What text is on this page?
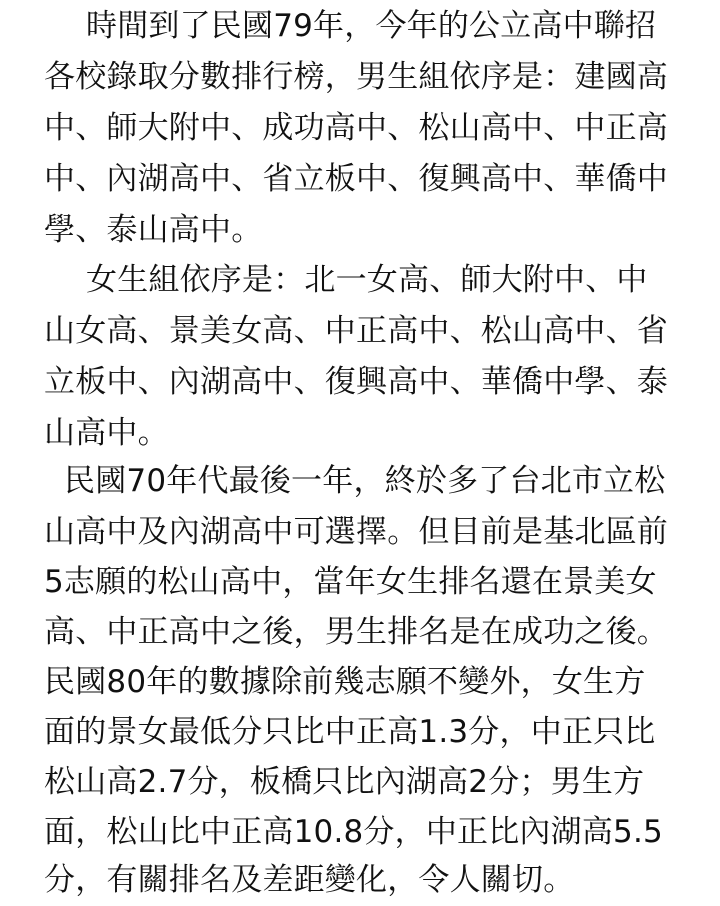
時間到了民國79年，今年的公立高中聯招
各校錄取分數排行榜，男生組依序是：建國高
中、師大附中、成功高中、松山高中、中正高
中、內湖高中、省立板中、復興高中、華僑中
學、泰山高中。
女生組依序是：北一女高、師大附中、中
山女高、景美女高、中正高中、松山高中、省
立板中、內湖高中、復興高中、華僑中學、泰
山高中。
民國70年代最後一年，終於多了台北市立松
山高中及內湖高中可選擇。但目前是基北區前
5志願的松山高中，當年女生排名還在景美女
高、中正高中之後，男生排名是在成功之後。
民國80年的數據除前幾志願不變外，女生方
面的景女最低分只比中正高1.3分，中正只比
松山高2.7分，板橋只比內湖高2分；男生方
面，松山比中正高10.8分，中正比內湖高5.5
分，有關排名及差距變化，令人關切。
